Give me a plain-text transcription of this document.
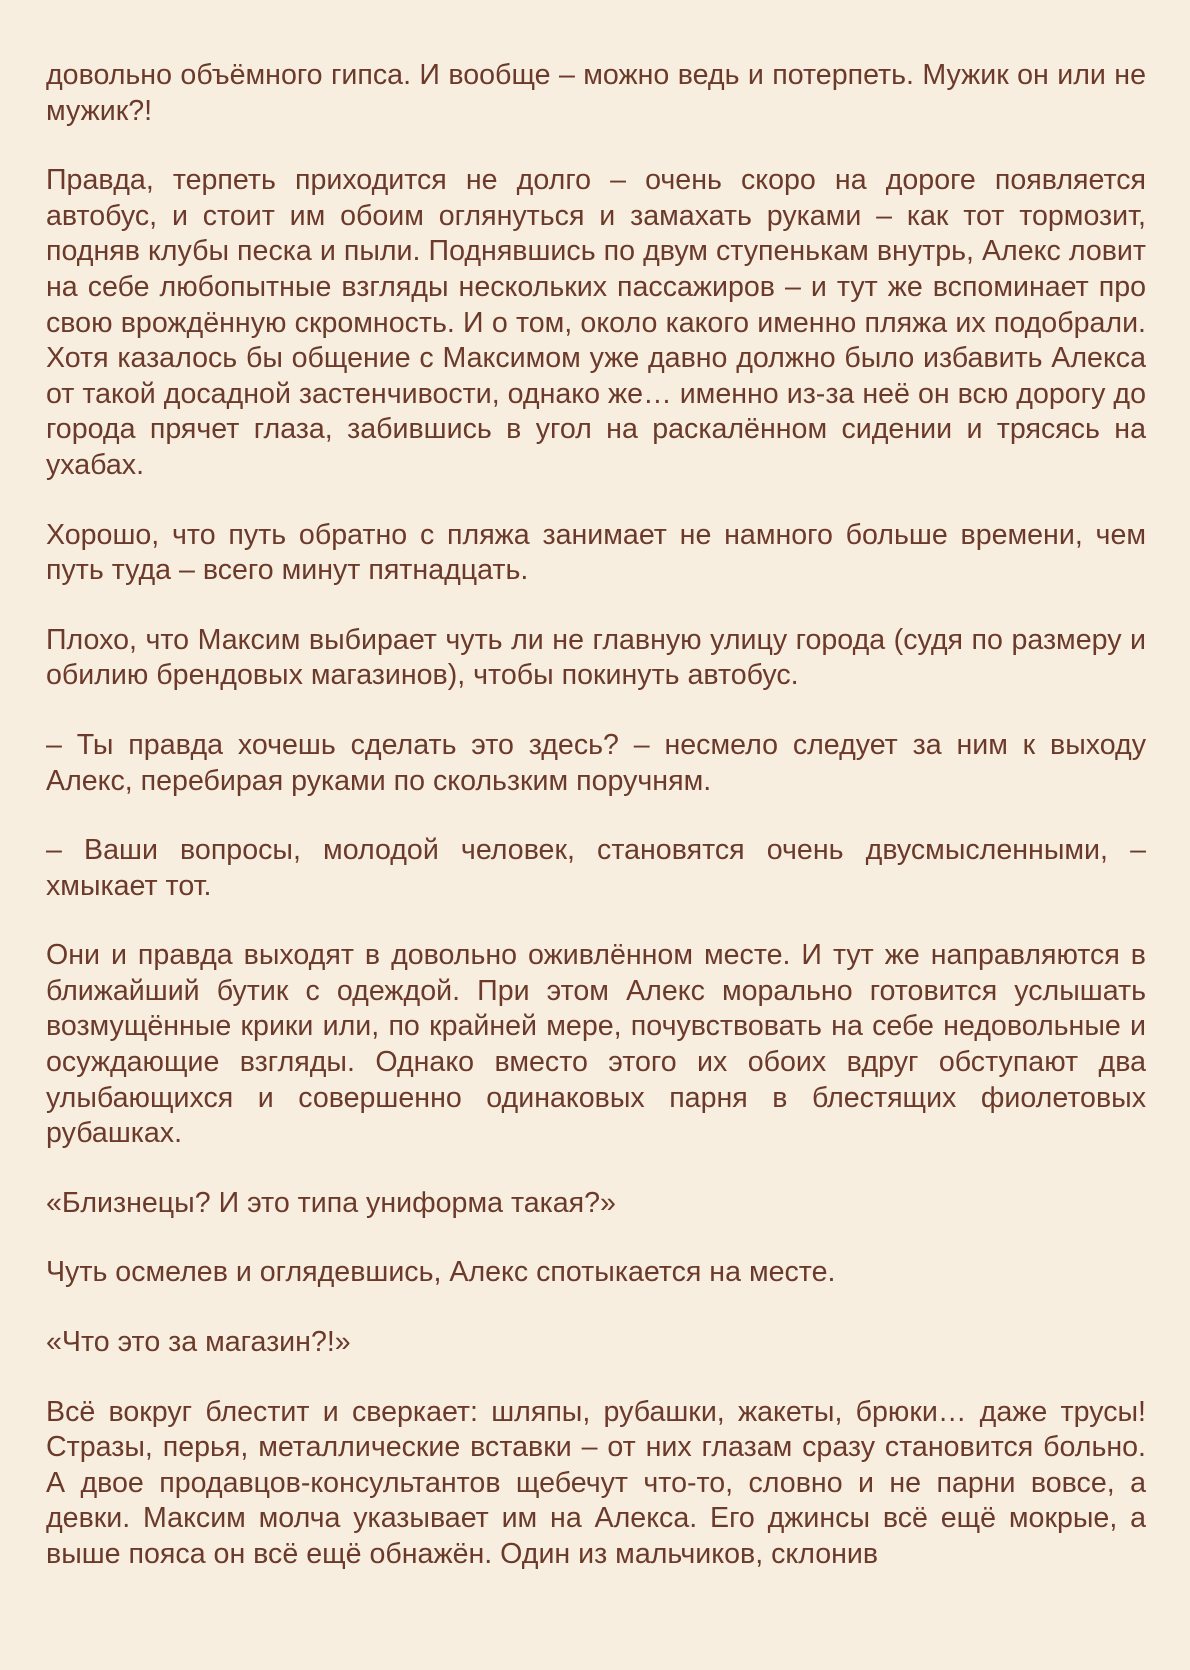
довольно объёмного гипса. И вообще – можно ведь и потерпеть. Мужик он или не мужик?!

Правда, терпеть приходится не долго – очень скоро на дороге появляется автобус, и стоит им обоим оглянуться и замахать руками – как тот тормозит, подняв клубы песка и пыли. Поднявшись по двум ступенькам внутрь, Алекс ловит на себе любопытные взгляды нескольких пассажиров – и тут же вспоминает про свою врождённую скромность. И о том, около какого именно пляжа их подобрали. Хотя казалось бы общение с Максимом уже давно должно было избавить Алекса от такой досадной застенчивости, однако же… именно из-за неё он всю дорогу до города прячет глаза, забившись в угол на раскалённом сидении и трясясь на ухабах.

Хорошо, что путь обратно с пляжа занимает не намного больше времени, чем путь туда – всего минут пятнадцать.

Плохо, что Максим выбирает чуть ли не главную улицу города (судя по размеру и обилию брендовых магазинов), чтобы покинуть автобус.

– Ты правда хочешь сделать это здесь? – несмело следует за ним к выходу Алекс, перебирая руками по скользким поручням.

– Ваши вопросы, молодой человек, становятся очень двусмысленными, – хмыкает тот.

Они и правда выходят в довольно оживлённом месте. И тут же направляются в ближайший бутик с одеждой. При этом Алекс морально готовится услышать возмущённые крики или, по крайней мере, почувствовать на себе недовольные и осуждающие взгляды. Однако вместо этого их обоих вдруг обступают два улыбающихся и совершенно одинаковых парня в блестящих фиолетовых рубашках.

«Близнецы? И это типа униформа такая?»

Чуть осмелев и оглядевшись, Алекс спотыкается на месте.

«Что это за магазин?!»

Всё вокруг блестит и сверкает: шляпы, рубашки, жакеты, брюки… даже трусы! Стразы, перья, металлические вставки – от них глазам сразу становится больно. А двое продавцов-консультантов щебечут что-то, словно и не парни вовсе, а девки. Максим молча указывает им на Алекса. Его джинсы всё ещё мокрые, а выше пояса он всё ещё обнажён. Один из мальчиков, склонив
